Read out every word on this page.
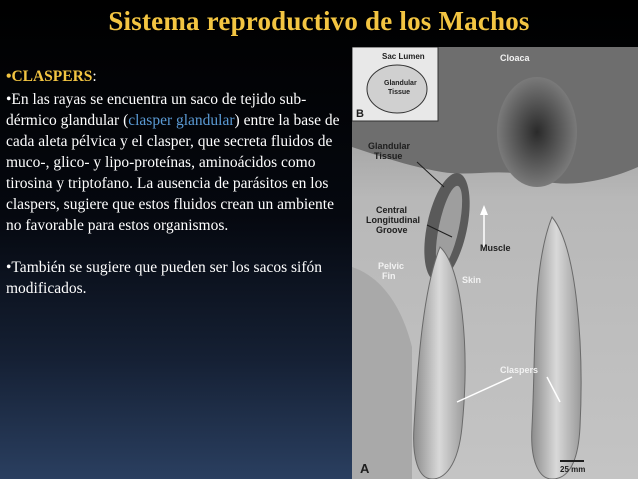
Sistema reproductivo de los Machos
•CLASPERS:

•En las rayas se encuentra un saco de tejido sub-dérmico glandular (clasper glandular) entre la base de cada aleta pélvica y el clasper, que secreta fluidos de muco-, glico- y lipo-proteínas, aminoácidos como tirosina y triptofano. La ausencia de parásitos en los claspers, sugiere que estos fluidos crean un ambiente no favorable para estos organismos.

•También se sugiere que pueden ser los sacos sifón modificados.

Sac Lumen
Glandular
Tissue
B
Cloaca
Glandular
Tissue
Central
Longitudinal
Groove
Muscle
Pelvic
Fin	Skin
Claspers
A	25 mm
